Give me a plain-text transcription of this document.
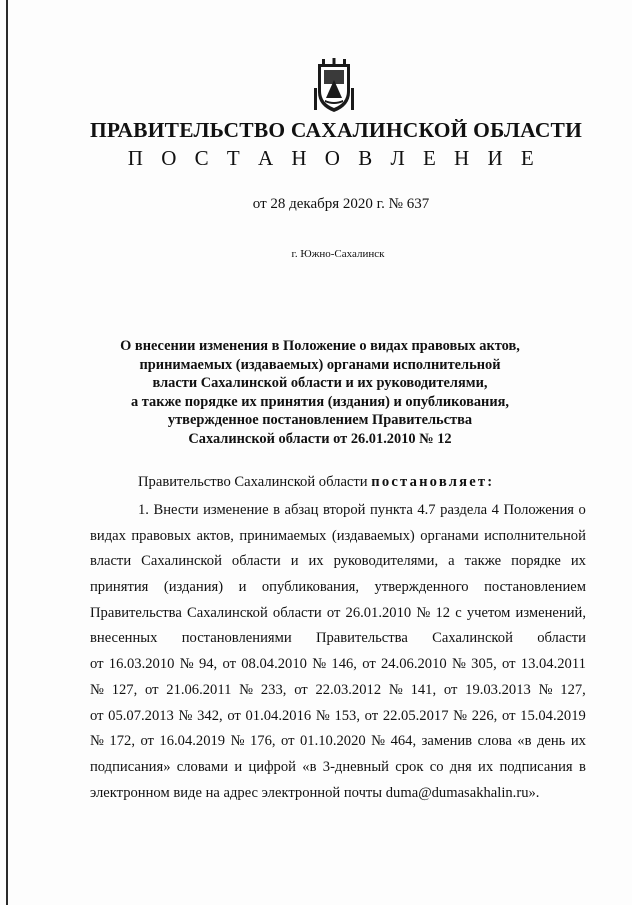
ПРАВИТЕЛЬСТВО САХАЛИНСКОЙ ОБЛАСТИ
П О С Т А Н О В Л Е Н И Е
от 28 декабря 2020 г. № 637
г. Южно-Сахалинск
О внесении изменения в Положение о видах правовых актов,
принимаемых (издаваемых) органами исполнительной
власти Сахалинской области и их руководителями,
а также порядке их принятия (издания) и опубликования,
утвержденное постановлением Правительства
Сахалинской области от 26.01.2010 № 12
Правительство Сахалинской области постановляет:
1. Внести изменение в абзац второй пункта 4.7 раздела 4 Положения о
видах правовых актов, принимаемых (издаваемых) органами исполнительной
власти Сахалинской области и их руководителями, а также порядке их
принятия (издания) и опубликования, утвержденного постановлением
Правительства Сахалинской области от 26.01.2010 № 12 с учетом изменений,
внесенных постановлениями Правительства Сахалинской области
от 16.03.2010 № 94, от 08.04.2010 № 146, от 24.06.2010 № 305, от 13.04.2011
№ 127, от 21.06.2011 № 233, от 22.03.2012 № 141, от 19.03.2013 № 127,
от 05.07.2013 № 342, от 01.04.2016 № 153, от 22.05.2017 № 226, от 15.04.2019
№ 172, от 16.04.2019 № 176, от 01.10.2020 № 464, заменив слова «в день их
подписания» словами и цифрой «в 3-дневный срок со дня их подписания в
электронном виде на адрес электронной почты duma@dumasakhalin.ru».
